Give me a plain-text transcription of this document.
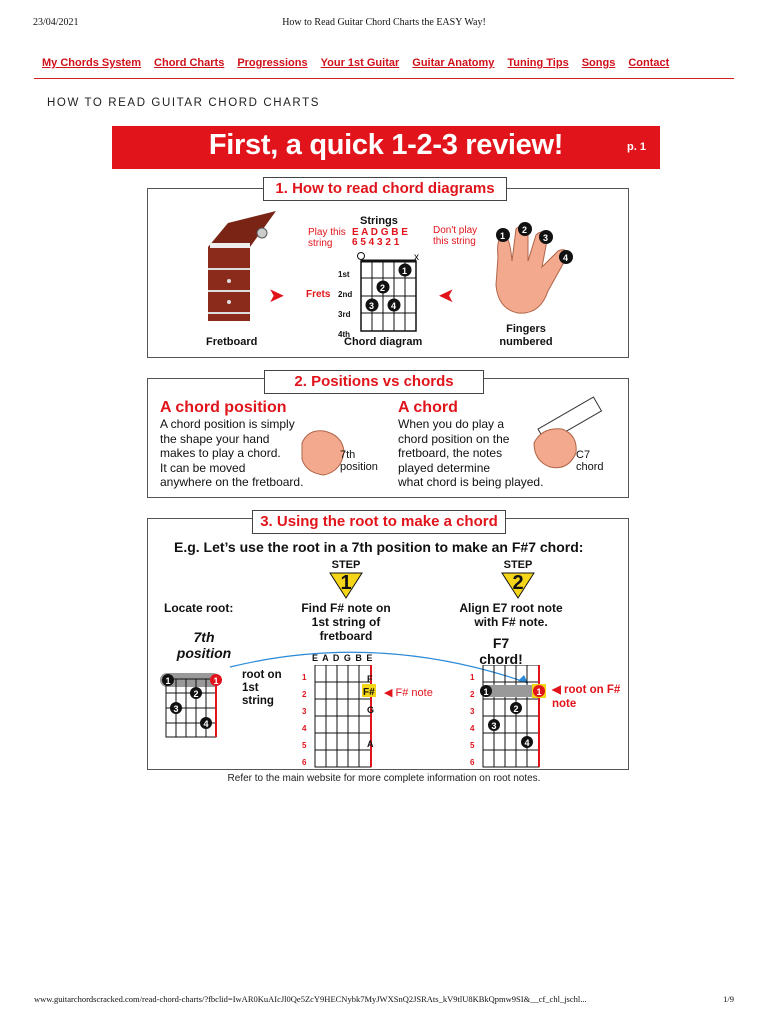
23/04/2021	How to Read Guitar Chord Charts the EASY Way!
My Chords System Chord Charts Progressions Your 1st Guitar Guitar Anatomy Tuning Tips Songs Contact
HOW TO READ GUITAR CHORD CHARTS
First, a quick 1-2-3 review!	p. 1
Fretboard
➤
Strings
E A D G B E
6 5 4 3 2 1
Play this string
Don't play this string
Frets
1st
2nd
3rd
4th
x
1
2
3 4
Chord diagram
➤
1
2
3
4
Fingers numbered
1. How to read chord diagrams
2. Positions vs chords
A chord position
A chord position is simply
the shape your hand
makes to play a chord.
It can be moved
anywhere on the fretboard.
7th position
A chord
When you do play a
chord position on the
fretboard, the notes
played determine
what chord is being played.
C7 chord
3. Using the root to make a chord
E.g. Let’s use the root in a 7th position to make an F#7 chord:
STEP
1
STEP
2
Locate root:	Find F# note on 1st string of fretboard
Align E7 root note with F# note.
7th position
F7 chord!
1	1
2
3
4
root on 1st string
E A D G B E
1
2
3
4
5
6
F
F#
G
A
◀ F# note
1
2
3
4
5
6
1	1
2
3
4
◀ root on F# note
Refer to the main website for more complete information on root notes.
www.guitarchordscracked.com/read-chord-charts/?fbclid=IwAR0KuAIcJl0Qe5ZcY9HECNybk7MyJWXSnQ2JSRAts_kV9tlU8KBkQpmw9SI&__cf_chl_jschl...	1/9
